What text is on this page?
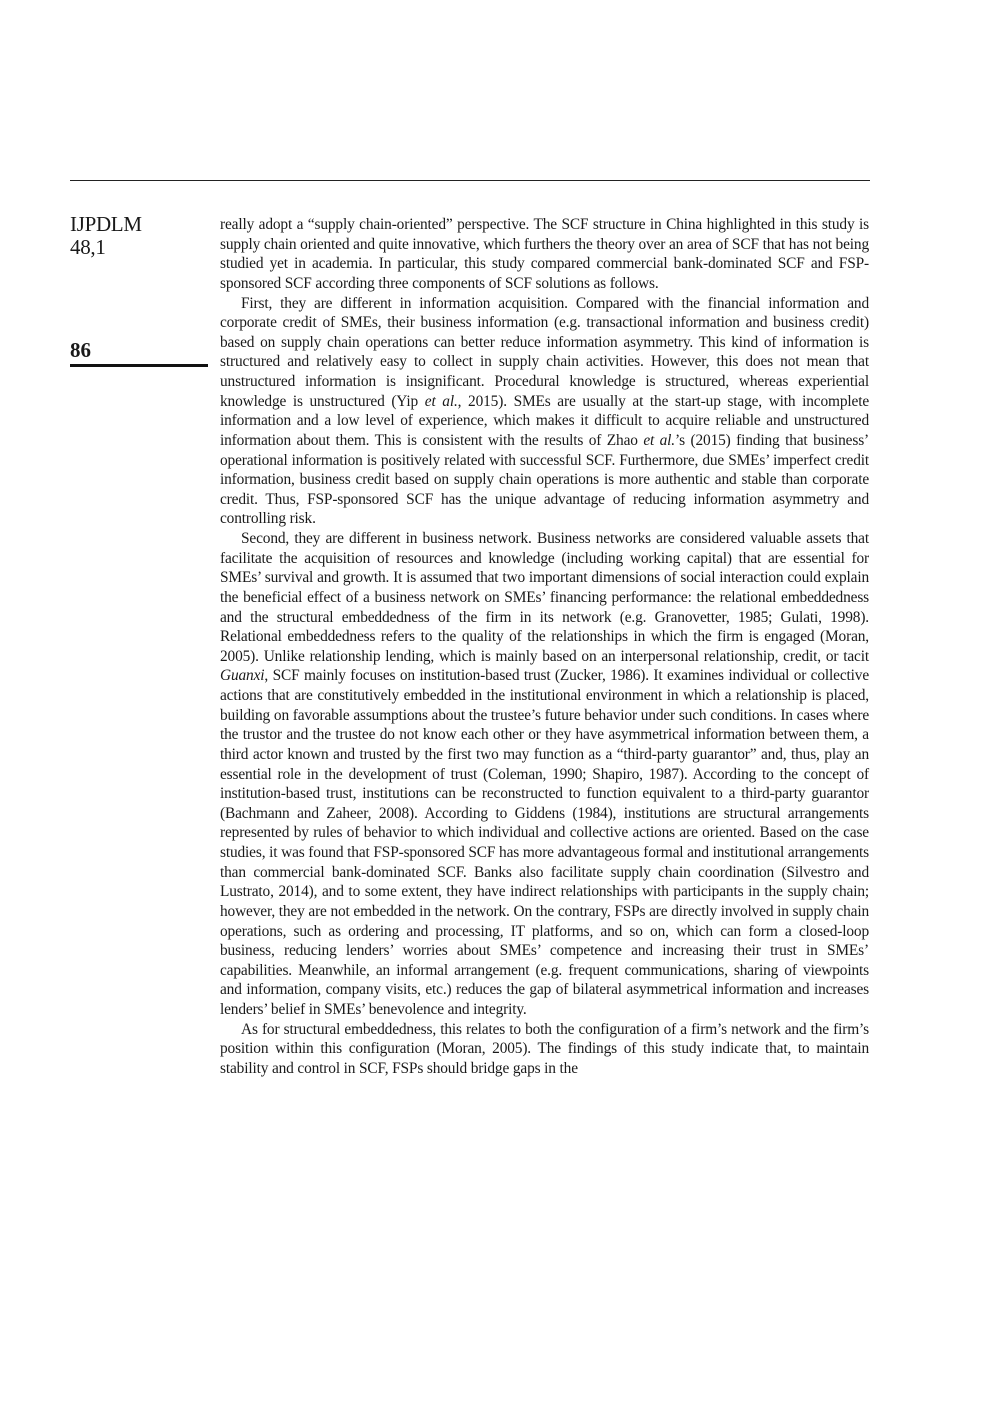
IJPDLM
48,1
86

really adopt a “supply chain-oriented” perspective. The SCF structure in China highlighted in this study is supply chain oriented and quite innovative, which furthers the theory over an area of SCF that has not being studied yet in academia. In particular, this study compared commercial bank-dominated SCF and FSP-sponsored SCF according three components of SCF solutions as follows.

First, they are different in information acquisition. Compared with the financial information and corporate credit of SMEs, their business information (e.g. transactional information and business credit) based on supply chain operations can better reduce information asymmetry. This kind of information is structured and relatively easy to collect in supply chain activities. However, this does not mean that unstructured information is insignificant. Procedural knowledge is structured, whereas experiential knowledge is unstructured (Yip et al., 2015). SMEs are usually at the start-up stage, with incomplete information and a low level of experience, which makes it difficult to acquire reliable and unstructured information about them. This is consistent with the results of Zhao et al.’s (2015) finding that business’ operational information is positively related with successful SCF. Furthermore, due SMEs’ imperfect credit information, business credit based on supply chain operations is more authentic and stable than corporate credit. Thus, FSP-sponsored SCF has the unique advantage of reducing information asymmetry and controlling risk.

Second, they are different in business network. Business networks are considered valuable assets that facilitate the acquisition of resources and knowledge (including working capital) that are essential for SMEs’ survival and growth. It is assumed that two important dimensions of social interaction could explain the beneficial effect of a business network on SMEs’ financing performance: the relational embeddedness and the structural embeddedness of the firm in its network (e.g. Granovetter, 1985; Gulati, 1998). Relational embeddedness refers to the quality of the relationships in which the firm is engaged (Moran, 2005). Unlike relationship lending, which is mainly based on an interpersonal relationship, credit, or tacit Guanxi, SCF mainly focuses on institution-based trust (Zucker, 1986). It examines individual or collective actions that are constitutively embedded in the institutional environment in which a relationship is placed, building on favorable assumptions about the trustee’s future behavior under such conditions. In cases where the trustor and the trustee do not know each other or they have asymmetrical information between them, a third actor known and trusted by the first two may function as a “third-party guarantor” and, thus, play an essential role in the development of trust (Coleman, 1990; Shapiro, 1987). According to the concept of institution-based trust, institutions can be reconstructed to function equivalent to a third-party guarantor (Bachmann and Zaheer, 2008). According to Giddens (1984), institutions are structural arrangements represented by rules of behavior to which individual and collective actions are oriented. Based on the case studies, it was found that FSP-sponsored SCF has more advantageous formal and institutional arrangements than commercial bank-dominated SCF. Banks also facilitate supply chain coordination (Silvestro and Lustrato, 2014), and to some extent, they have indirect relationships with participants in the supply chain; however, they are not embedded in the network. On the contrary, FSPs are directly involved in supply chain operations, such as ordering and processing, IT platforms, and so on, which can form a closed-loop business, reducing lenders’ worries about SMEs’ competence and increasing their trust in SMEs’ capabilities. Meanwhile, an informal arrangement (e.g. frequent communications, sharing of viewpoints and information, company visits, etc.) reduces the gap of bilateral asymmetrical information and increases lenders’ belief in SMEs’ benevolence and integrity.

As for structural embeddedness, this relates to both the configuration of a firm’s network and the firm’s position within this configuration (Moran, 2005). The findings of this study indicate that, to maintain stability and control in SCF, FSPs should bridge gaps in the
